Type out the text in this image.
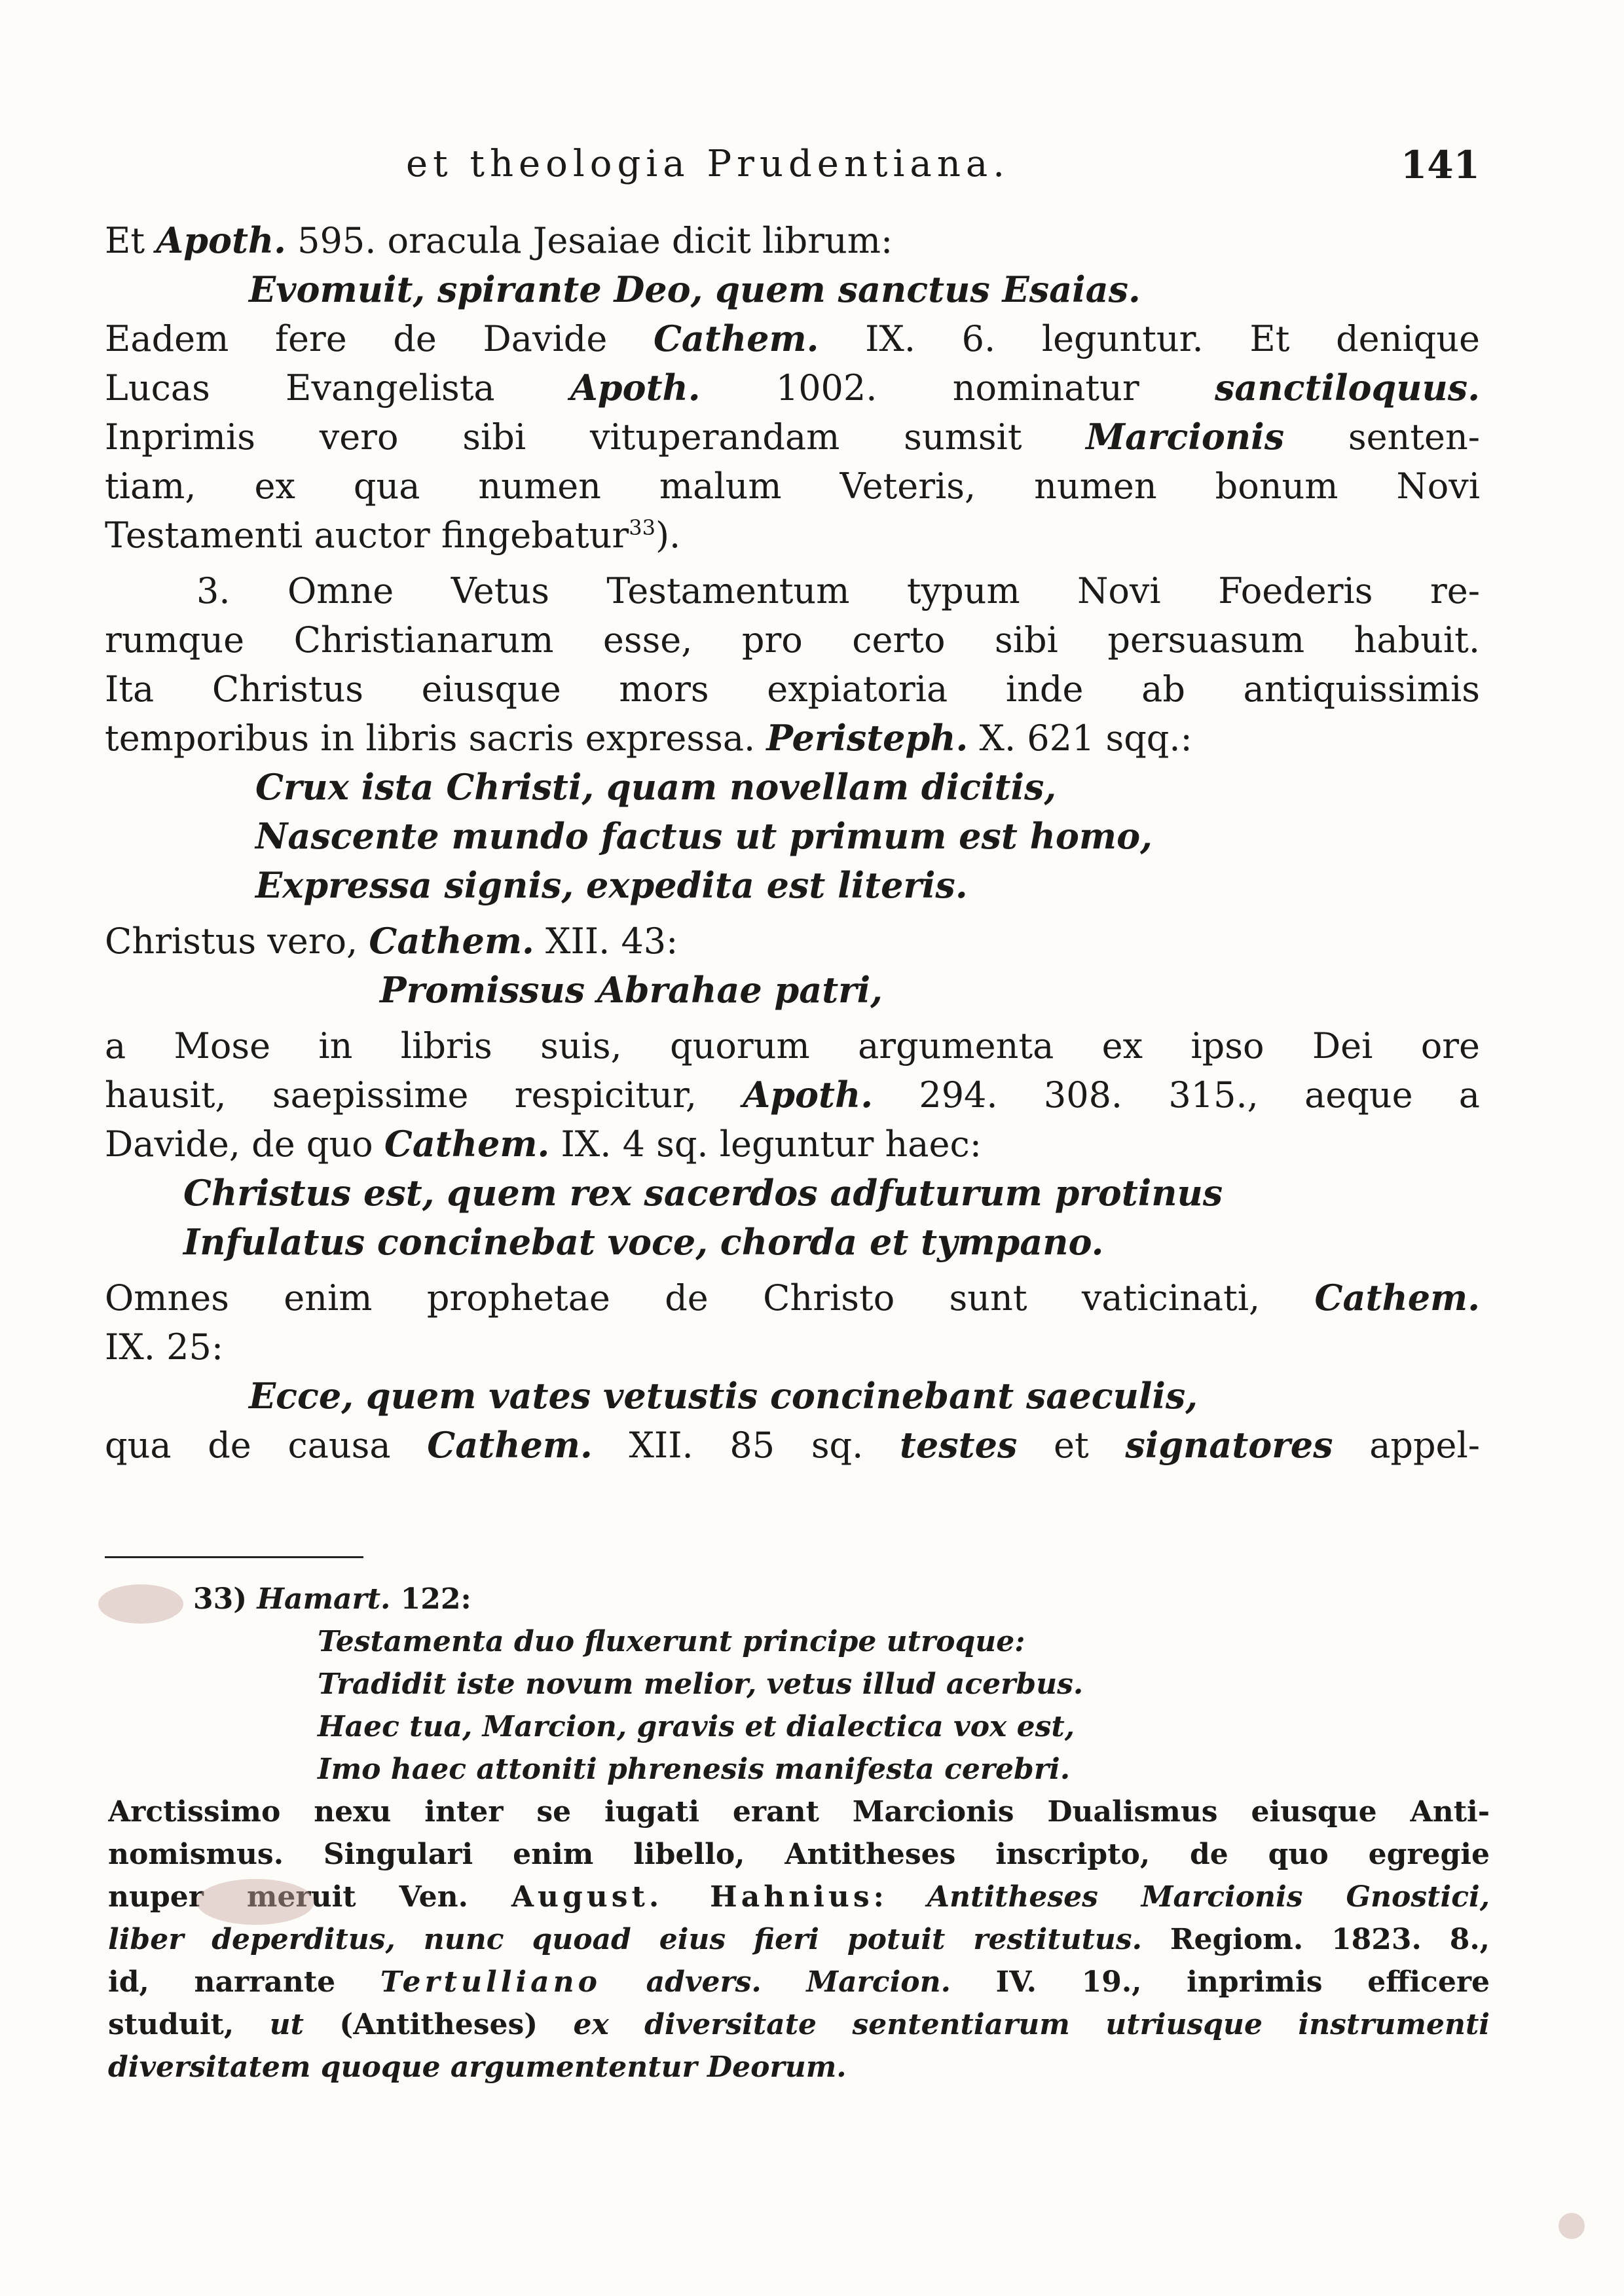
et theologia Prudentiana.	141
Et Apoth. 595. oracula Jesaiae dicit librum:
Evomuit, spirante Deo, quem sanctus Esaias.
Eadem fere de Davide Cathem. IX. 6. leguntur. Et denique
Lucas Evangelista Apoth. 1002. nominatur sanctiloquus.
Inprimis vero sibi vituperandam sumsit Marcionis senten-
tiam, ex qua numen malum Veteris, numen bonum Novi
Testamenti auctor fingebatur$^{33}$).
3. Omne Vetus Testamentum typum Novi Foederis re-
rumque Christianarum esse, pro certo sibi persuasum habuit.
Ita Christus eiusque mors expiatoria inde ab antiquissimis
temporibus in libris sacris expressa. Peristeph. X. 621 sqq.:
Crux ista Christi, quam novellam dicitis,
Nascente mundo factus ut primum est homo,
Expressa signis, expedita est literis.
Christus vero, Cathem. XII. 43:
Promissus Abrahae patri,
a Mose in libris suis, quorum argumenta ex ipso Dei ore
hausit, saepissime respicitur, Apoth. 294. 308. 315., aeque a
Davide, de quo Cathem. IX. 4 sq. leguntur haec:
Christus est, quem rex sacerdos adfuturum protinus
Infulatus concinebat voce, chorda et tympano.
Omnes enim prophetae de Christo sunt vaticinati, Cathem.
IX. 25:
Ecce, quem vates vetustis concinebant saeculis,
qua de causa Cathem. XII. 85 sq. testes et signatores appel-
33) Hamart. 122:
Testamenta duo fluxerunt principe utroque:
Tradidit iste novum melior, vetus illud acerbus.
Haec tua, Marcion, gravis et dialectica vox est,
Imo haec attoniti phrenesis manifesta cerebri.
Arctissimo nexu inter se iugati erant Marcionis Dualismus eiusque Anti-
nomismus. Singulari enim libello, Antitheses inscripto, de quo egregie
nuper meruit Ven. August. Hahnius: Antitheses Marcionis Gnostici,
liber deperditus, nunc quoad eius fieri potuit restitutus. Regiom. 1823. 8.,
id, narrante Tertulliano advers. Marcion. IV. 19., inprimis efficere
studuit, ut (Antitheses) ex diversitate sententiarum utriusque instrumenti
diversitatem quoque argumententur Deorum.
